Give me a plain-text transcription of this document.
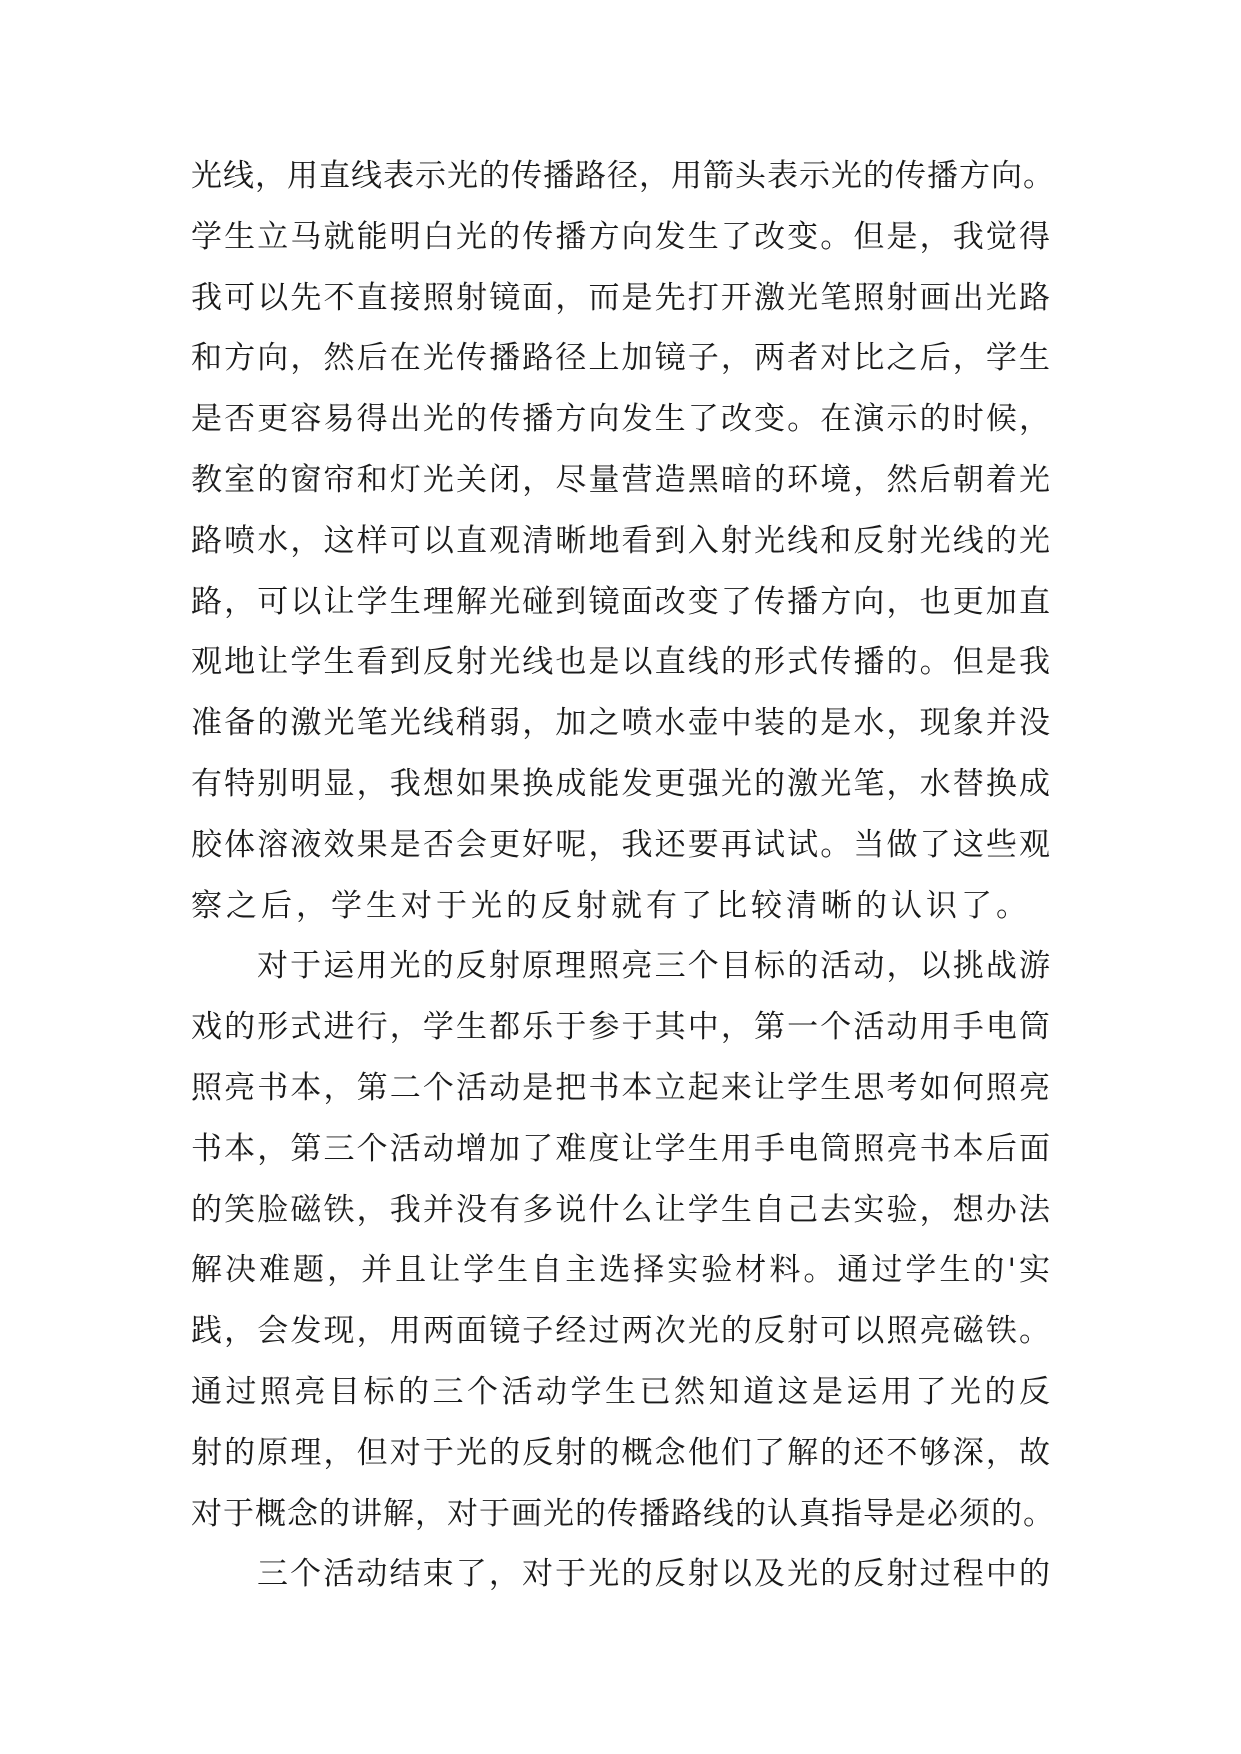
光线，用直线表示光的传播路径，用箭头表示光的传播方向。
学生立马就能明白光的传播方向发生了改变。但是，我觉得
我可以先不直接照射镜面，而是先打开激光笔照射画出光路
和方向，然后在光传播路径上加镜子，两者对比之后，学生
是否更容易得出光的传播方向发生了改变。在演示的时候，
教室的窗帘和灯光关闭，尽量营造黑暗的环境，然后朝着光
路喷水，这样可以直观清晰地看到入射光线和反射光线的光
路，可以让学生理解光碰到镜面改变了传播方向，也更加直
观地让学生看到反射光线也是以直线的形式传播的。但是我
准备的激光笔光线稍弱，加之喷水壶中装的是水，现象并没
有特别明显，我想如果换成能发更强光的激光笔，水替换成
胶体溶液效果是否会更好呢，我还要再试试。当做了这些观
察之后，学生对于光的反射就有了比较清晰的认识了。
对于运用光的反射原理照亮三个目标的活动，以挑战游
戏的形式进行，学生都乐于参于其中，第一个活动用手电筒
照亮书本，第二个活动是把书本立起来让学生思考如何照亮
书本，第三个活动增加了难度让学生用手电筒照亮书本后面
的笑脸磁铁，我并没有多说什么让学生自己去实验，想办法
解决难题，并且让学生自主选择实验材料。通过学生的'实
践，会发现，用两面镜子经过两次光的反射可以照亮磁铁。
通过照亮目标的三个活动学生已然知道这是运用了光的反
射的原理，但对于光的反射的概念他们了解的还不够深，故
对于概念的讲解，对于画光的传播路线的认真指导是必须的。
三个活动结束了，对于光的反射以及光的反射过程中的
